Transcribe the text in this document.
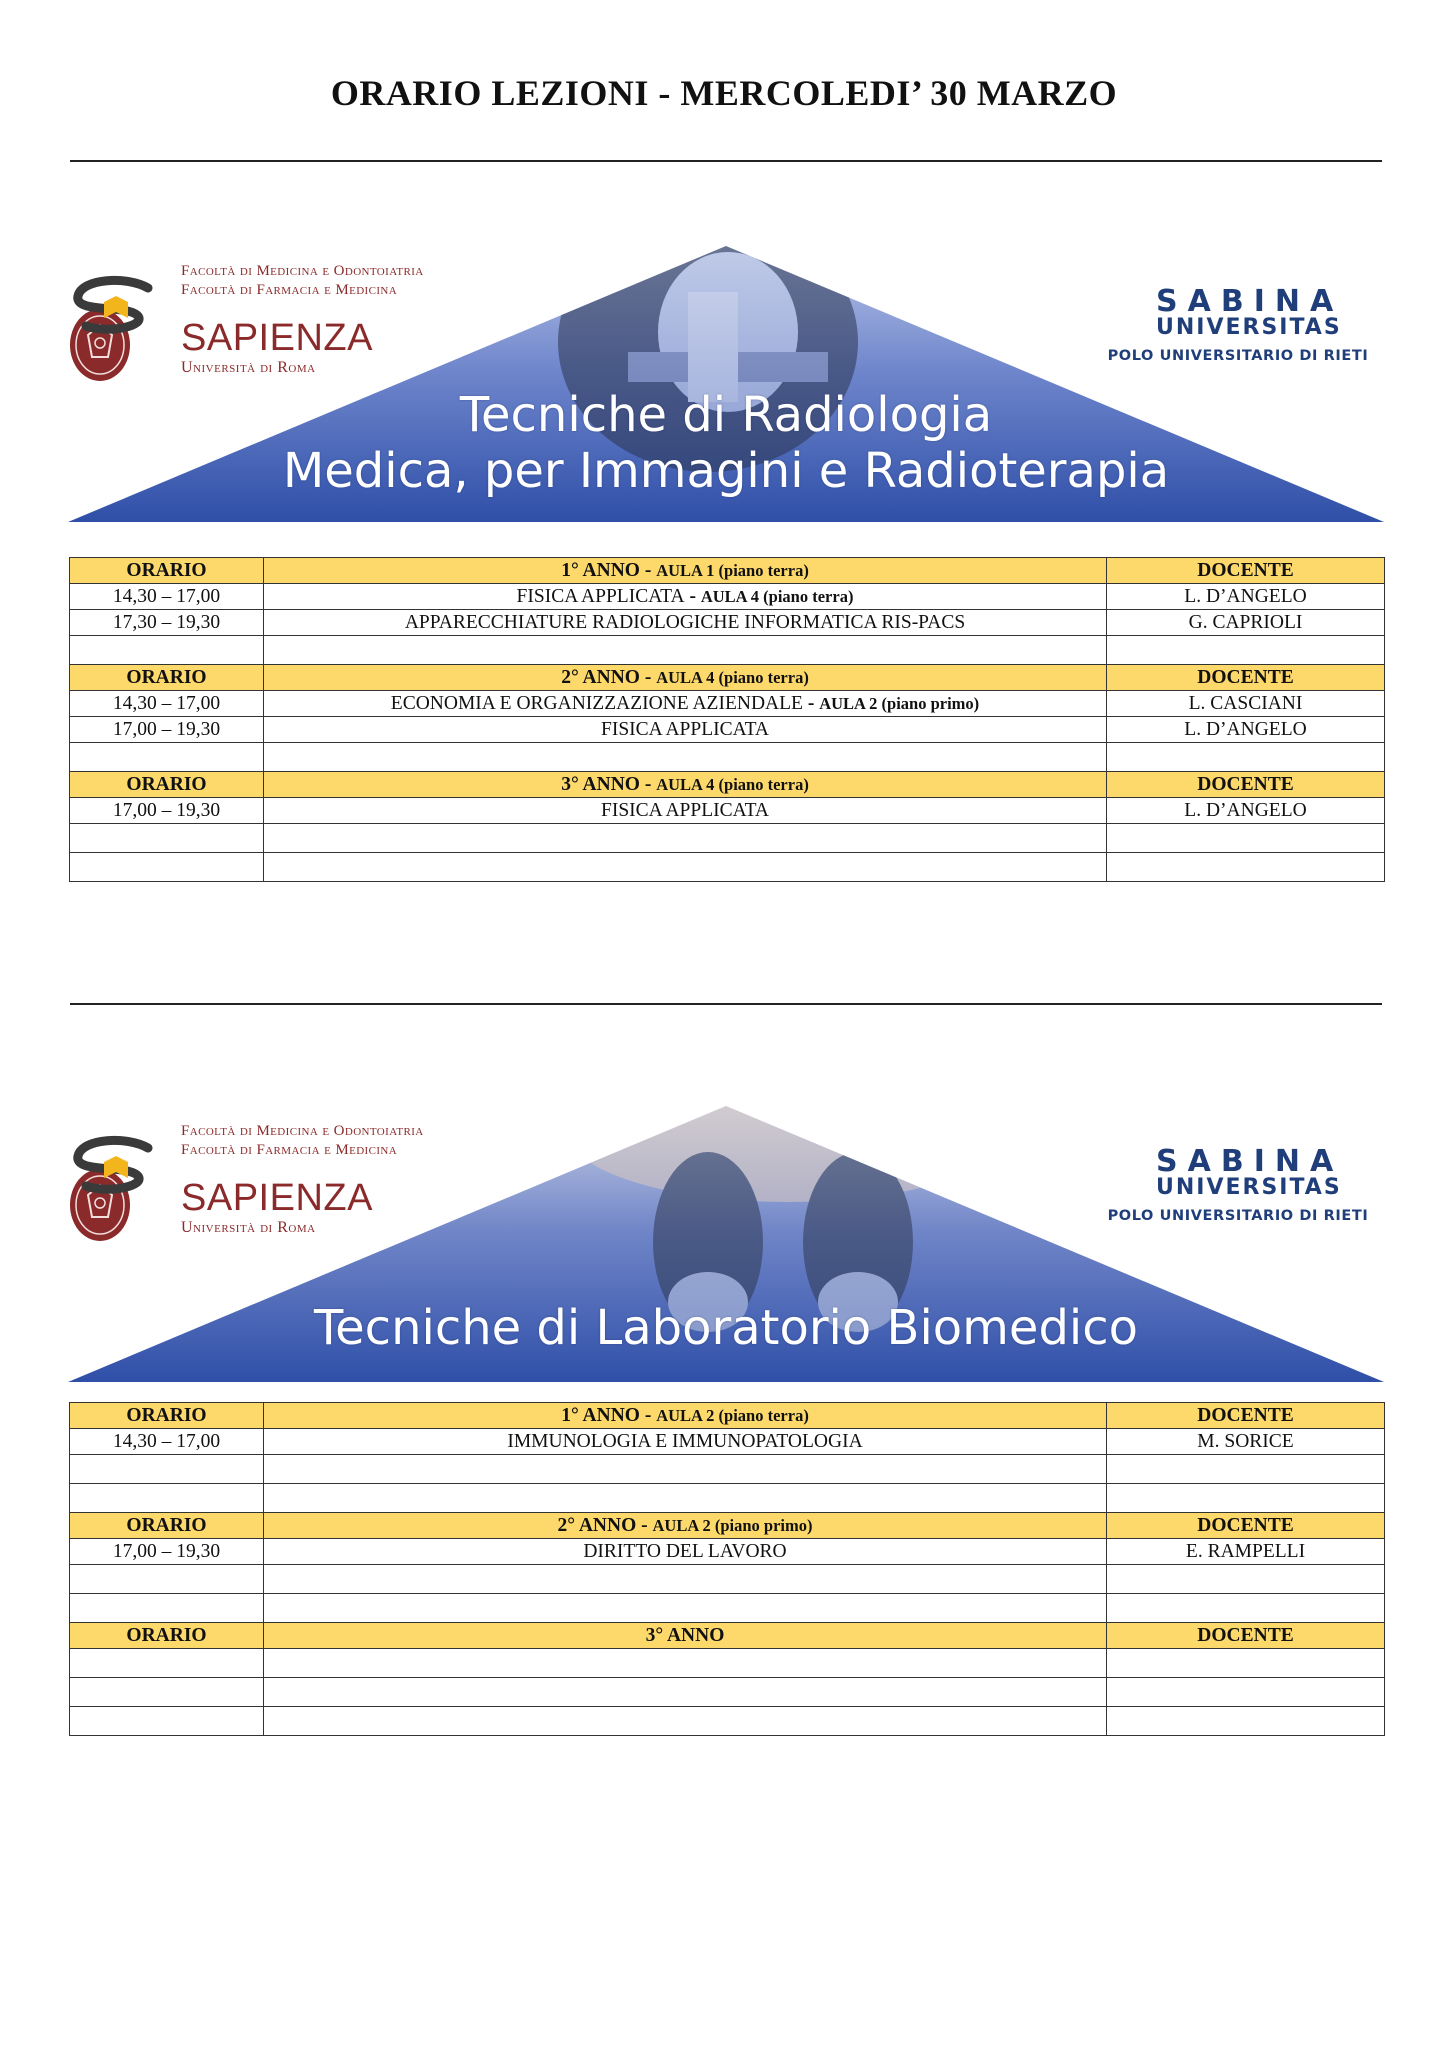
ORARIO LEZIONI - MERCOLEDI’ 30 MARZO
Facoltà di Medicina e Odontoiatria
Facoltà di Farmacia e Medicina
SAPIENZA
Università di Roma
SABINA
UNIVERSITAS
POLO UNIVERSITARIO DI RIETI
Tecniche di Radiologia
Medica, per Immagini e Radioterapia
ORARIO	1° ANNO - AULA 1 (piano terra)	DOCENTE
14,30 – 17,00	FISICA APPLICATA - AULA 4 (piano terra)	L. D’ANGELO
17,30 – 19,30	APPARECCHIATURE RADIOLOGICHE INFORMATICA RIS-PACS	G. CAPRIOLI

ORARIO	2° ANNO - AULA 4 (piano terra)	DOCENTE
14,30 – 17,00	ECONOMIA E ORGANIZZAZIONE AZIENDALE - AULA 2 (piano primo)	L. CASCIANI
17,00 – 19,30	FISICA APPLICATA	L. D’ANGELO

ORARIO	3° ANNO - AULA 4 (piano terra)	DOCENTE
17,00 – 19,30	FISICA APPLICATA	L. D’ANGELO

Facoltà di Medicina e Odontoiatria
Facoltà di Farmacia e Medicina
SAPIENZA
Università di Roma
SABINA
UNIVERSITAS
POLO UNIVERSITARIO DI RIETI
Tecniche di Laboratorio Biomedico
ORARIO	1° ANNO - AULA 2 (piano terra)	DOCENTE
14,30 – 17,00	IMMUNOLOGIA E IMMUNOPATOLOGIA	M. SORICE

ORARIO	2° ANNO - AULA 2 (piano primo)	DOCENTE
17,00 – 19,30	DIRITTO DEL LAVORO	E. RAMPELLI

ORARIO	3° ANNO	DOCENTE
